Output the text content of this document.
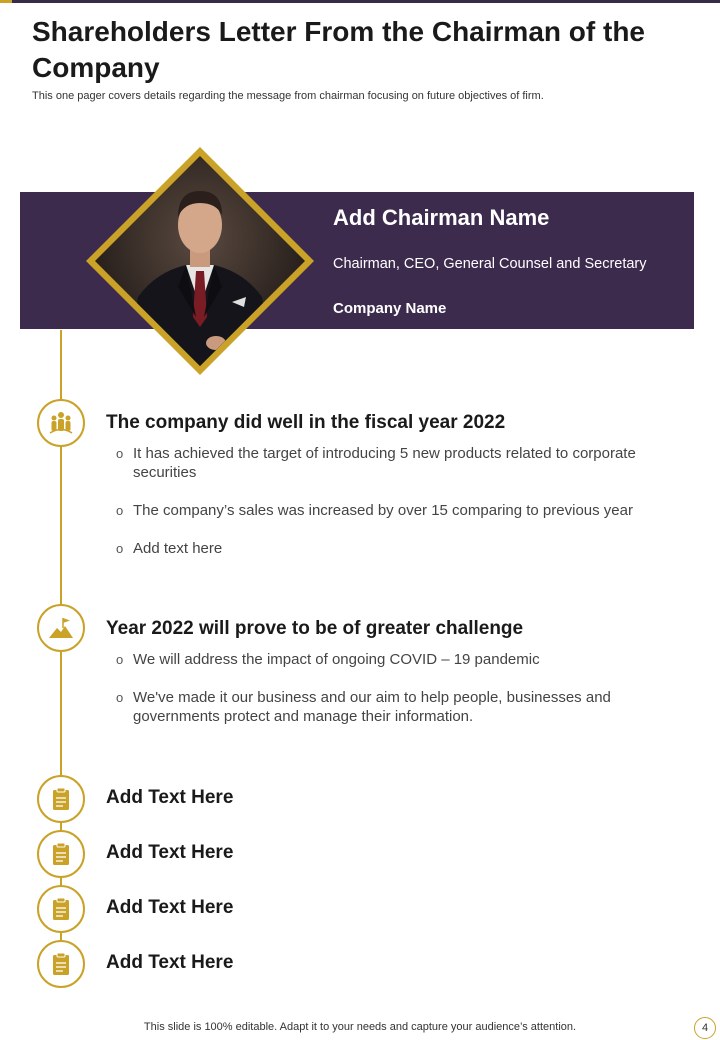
Shareholders Letter From the Chairman of the Company

This one pager covers details regarding the message from chairman focusing on future objectives of firm.

Add Chairman Name

Chairman, CEO, General Counsel and Secretary

Company Name

The company did well in the fiscal year 2022
o It has achieved the target of introducing 5 new products related to corporate securities
o The company’s sales was increased by over 15 comparing to previous year
o Add text here
Year 2022 will prove to be of greater challenge
o We will address the impact of ongoing COVID – 19 pandemic
o We've made it our business and our aim to help people, businesses and governments protect and manage their information.
Add Text Here
Add Text Here
Add Text Here
Add Text Here

This slide is 100% editable. Adapt it to your needs and capture your audience’s attention.	4
